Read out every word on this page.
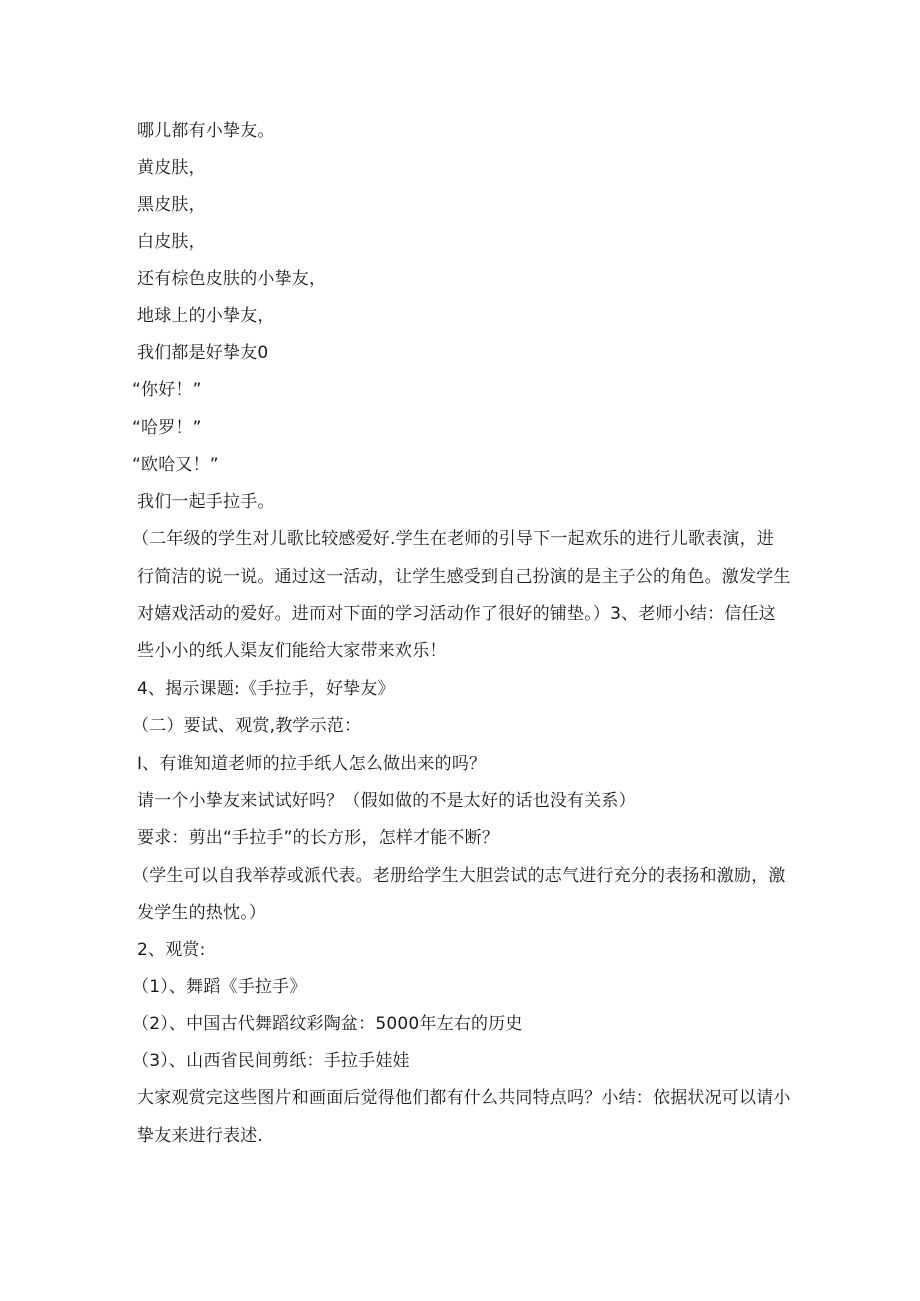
哪儿都有小挚友。

黄皮肤，

黑皮肤，

白皮肤，

还有棕色皮肤的小挚友，

地球上的小挚友，

我们都是好挚友0

“你好！”

“哈罗！”

“欧哈又！”

我们一起手拉手。

（二年级的学生对儿歌比较感爱好.学生在老师的引导下一起欢乐的进行儿歌表演，进

行简洁的说一说。通过这一活动，让学生感受到自己扮演的是主子公的角色。激发学生

对嬉戏活动的爱好。进而对下面的学习活动作了很好的铺垫。）3、老师小结：信任这

些小小的纸人渠友们能给大家带来欢乐！

4、揭示课题:《手拉手，好挚友》

（二）要试、观赏,教学示范：

I、有谁知道老师的拉手纸人怎么做出来的吗？

请一个小挚友来试试好吗？（假如做的不是太好的话也没有关系）

要求：剪出“手拉手”的长方形，怎样才能不断？

（学生可以自我举荐或派代表。老册给学生大胆尝试的志气进行充分的表扬和激励，激

发学生的热忱。）

2、观赏:

（1）、舞蹈《手拉手》

（2）、中国古代舞蹈纹彩陶盆：5000年左右的历史

（3）、山西省民间剪纸：手拉手娃娃

大家观赏完这些图片和画面后觉得他们都有什么共同特点吗？小结：依据状况可以请小

挚友来进行表述.
